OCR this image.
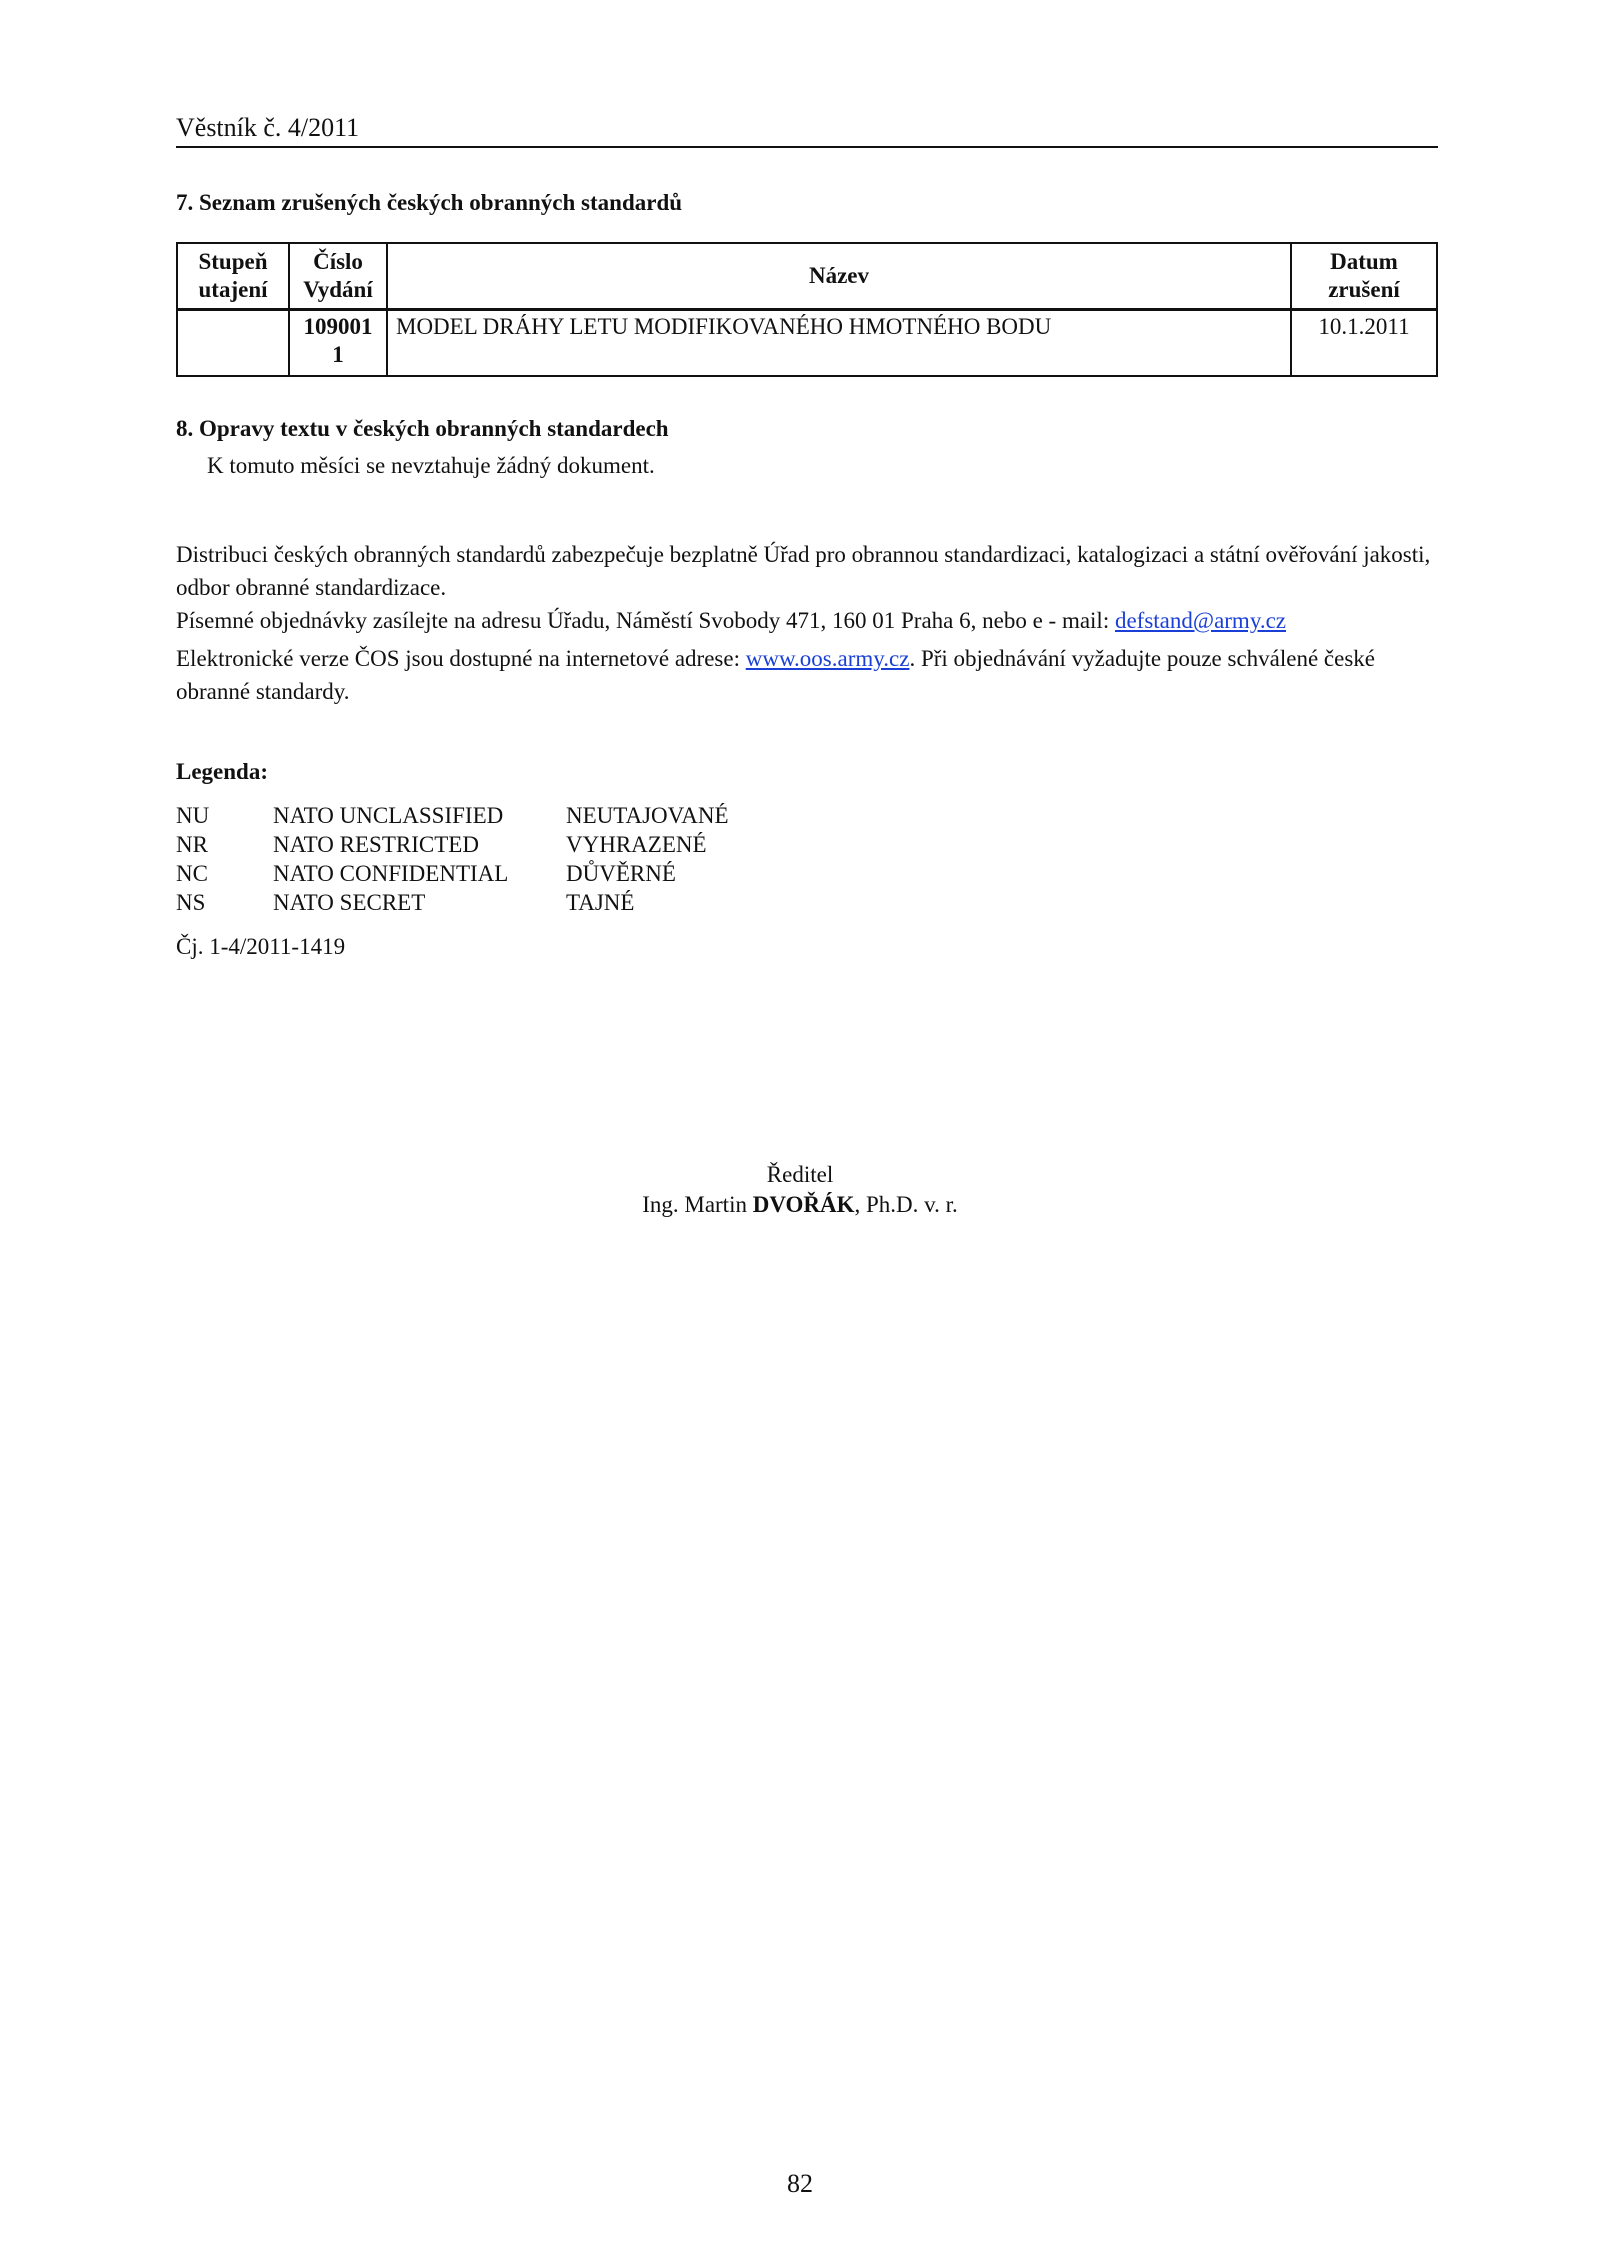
Věstník č. 4/2011
7. Seznam zrušených českých obranných standardů
Stupeň utajení	Číslo Vydání	Název	Datum zrušení
	109001 1	MODEL DRÁHY LETU MODIFIKOVANÉHO HMOTNÉHO BODU	10.1.2011
8. Opravy textu v českých obranných standardech
K tomuto měsíci se nevztahuje žádný dokument.
Distribuci českých obranných standardů zabezpečuje bezplatně Úřad pro obrannou standardizaci, katalogizaci a státní ověřování jakosti, odbor obranné standardizace.
Písemné objednávky zasílejte na adresu Úřadu, Náměstí Svobody 471, 160 01 Praha 6, nebo e - mail: defstand@army.cz
Elektronické verze ČOS jsou dostupné na internetové adrese: www.oos.army.cz. Při objednávání vyžadujte pouze schválené české obranné standardy.
Legenda:
NU	NATO UNCLASSIFIED	NEUTAJOVANÉ
NR	NATO RESTRICTED	VYHRAZENÉ
NC	NATO CONFIDENTIAL	DŮVĚRNÉ
NS	NATO SECRET	TAJNÉ
Čj. 1-4/2011-1419
Ředitel
Ing. Martin DVOŘÁK, Ph.D. v. r.
82
